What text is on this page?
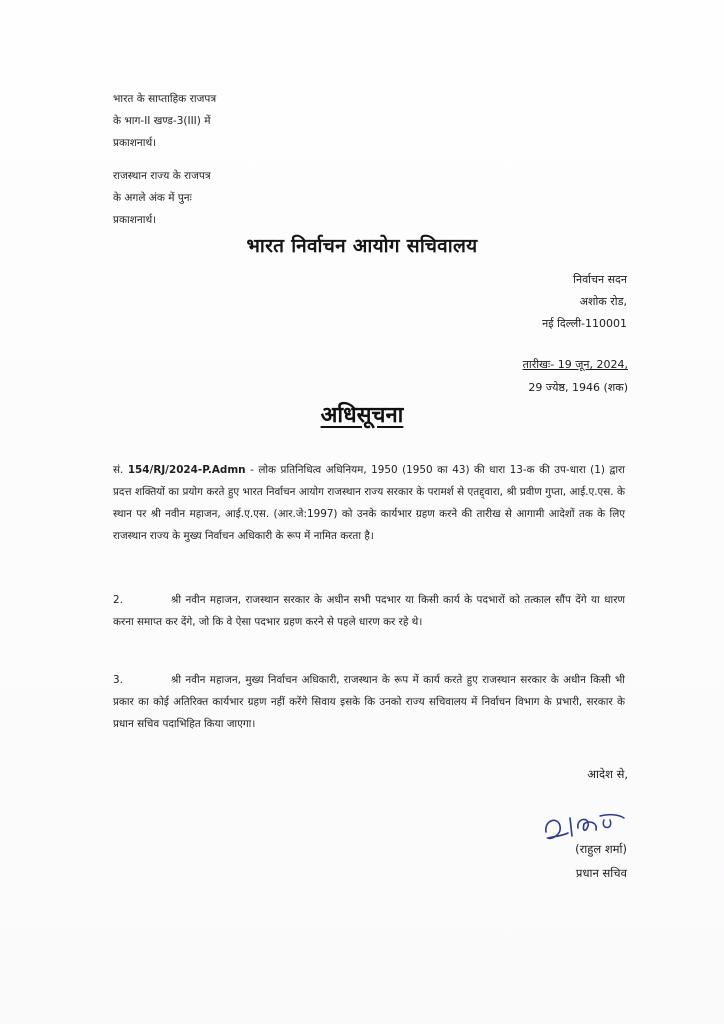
भारत के साप्ताहिक राजपत्र
के भाग-II खण्ड-3(III) में
प्रकाशनार्थ।
राजस्थान राज्य के राजपत्र
के अगले अंक में पुनः
प्रकाशनार्थ।
भारत निर्वाचन आयोग सचिवालय
निर्वाचन सदन
अशोक रोड,
नई दिल्ली-110001
तारीखः- 19 जून, 2024,
29 ज्येष्ठ, 1946 (शक)
अधिसूचना
सं. 154/RJ/2024-P.Admn - लोक प्रतिनिधित्व अधिनियम, 1950 (1950 का 43) की धारा 13-क की उप-धारा (1) द्वारा प्रदत्त शक्तियों का प्रयोग करते हुए भारत निर्वाचन आयोग राजस्थान राज्य सरकार के परामर्श से एतद्द्वारा, श्री प्रवीण गुप्ता, आई.ए.एस. के स्थान पर श्री नवीन महाजन, आई.ए.एस. (आर.जे:1997) को उनके कार्यभार ग्रहण करने की तारीख से आगामी आदेशों तक के लिए राजस्थान राज्य के मुख्य निर्वाचन अधिकारी के रूप में नामित करता है।
2.	श्री नवीन महाजन, राजस्थान सरकार के अधीन सभी पदभार या किसी कार्य के पदभारों को तत्काल सौंप देंगे या धारण करना समाप्त कर देंगे, जो कि वे ऐसा पदभार ग्रहण करने से पहले धारण कर रहे थे।
3.	श्री नवीन महाजन, मुख्य निर्वाचन अधिकारी, राजस्थान के रूप में कार्य करते हुए राजस्थान सरकार के अधीन किसी भी प्रकार का कोई अतिरिक्त कार्यभार ग्रहण नहीं करेंगे सिवाय इसके कि उनको राज्य सचिवालय में निर्वाचन विभाग के प्रभारी, सरकार के प्रधान सचिव पदाभिहित किया जाएगा।
आदेश से,
(राहुल शर्मा)
प्रधान सचिव
